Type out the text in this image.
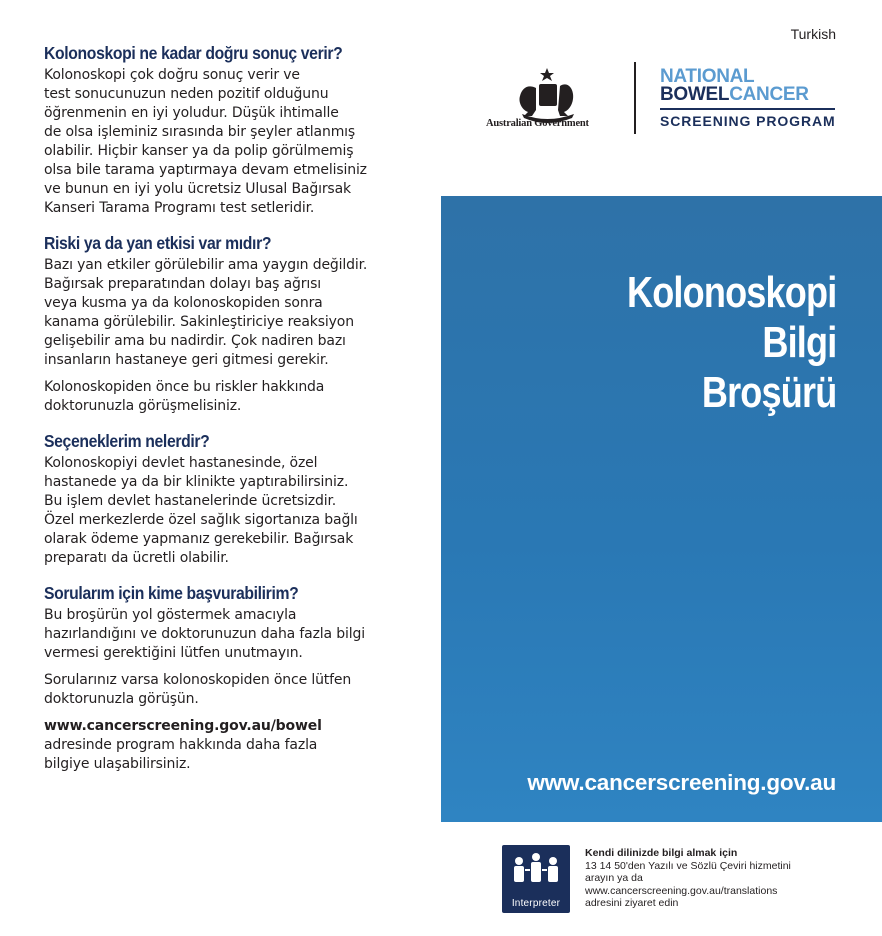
Kolonoskopi ne kadar doğru sonuç verir?

Kolonoskopi çok doğru sonuç verir ve
test sonucunuzun neden pozitif olduğunu
öğrenmenin en iyi yoludur. Düşük ihtimalle
de olsa işleminiz sırasında bir şeyler atlanmış
olabilir. Hiçbir kanser ya da polip görülmemiş
olsa bile tarama yaptırmaya devam etmelisiniz
ve bunun en iyi yolu ücretsiz Ulusal Bağırsak
Kanseri Tarama Programı test setleridir.

Riski ya da yan etkisi var mıdır?

Bazı yan etkiler görülebilir ama yaygın değildir.
Bağırsak preparatından dolayı baş ağrısı
veya kusma ya da kolonoskopiden sonra
kanama görülebilir. Sakinleştiriciye reaksiyon
gelişebilir ama bu nadirdir. Çok nadiren bazı
insanların hastaneye geri gitmesi gerekir.

Kolonoskopiden önce bu riskler hakkında
doktorunuzla görüşmelisiniz.

Seçeneklerim nelerdir?

Kolonoskopiyi devlet hastanesinde, özel
hastanede ya da bir klinikte yaptırabilirsiniz.
Bu işlem devlet hastanelerinde ücretsizdir.
Özel merkezlerde özel sağlık sigortanıza bağlı
olarak ödeme yapmanız gerekebilir. Bağırsak
preparatı da ücretli olabilir.

Sorularım için kime başvurabilirim?

Bu broşürün yol göstermek amacıyla
hazırlandığını ve doktorunuzun daha fazla bilgi
vermesi gerektiğini lütfen unutmayın.

Sorularınız varsa kolonoskopiden önce lütfen
doktorunuzla görüşün.

www.cancerscreening.gov.au/bowel
adresinde program hakkında daha fazla
bilgiye ulaşabilirsiniz.

Turkish
Australian Government
NATIONAL
BOWELCANCER
SCREENING PROGRAM
Kolonoskopi
Bilgi
Broşürü
www.cancerscreening.gov.au
Interpreter
Kendi dilinizde bilgi almak için
13 14 50'den Yazılı ve Sözlü Çeviri hizmetini
arayın ya da
www.cancerscreening.gov.au/translations
adresini ziyaret edin
